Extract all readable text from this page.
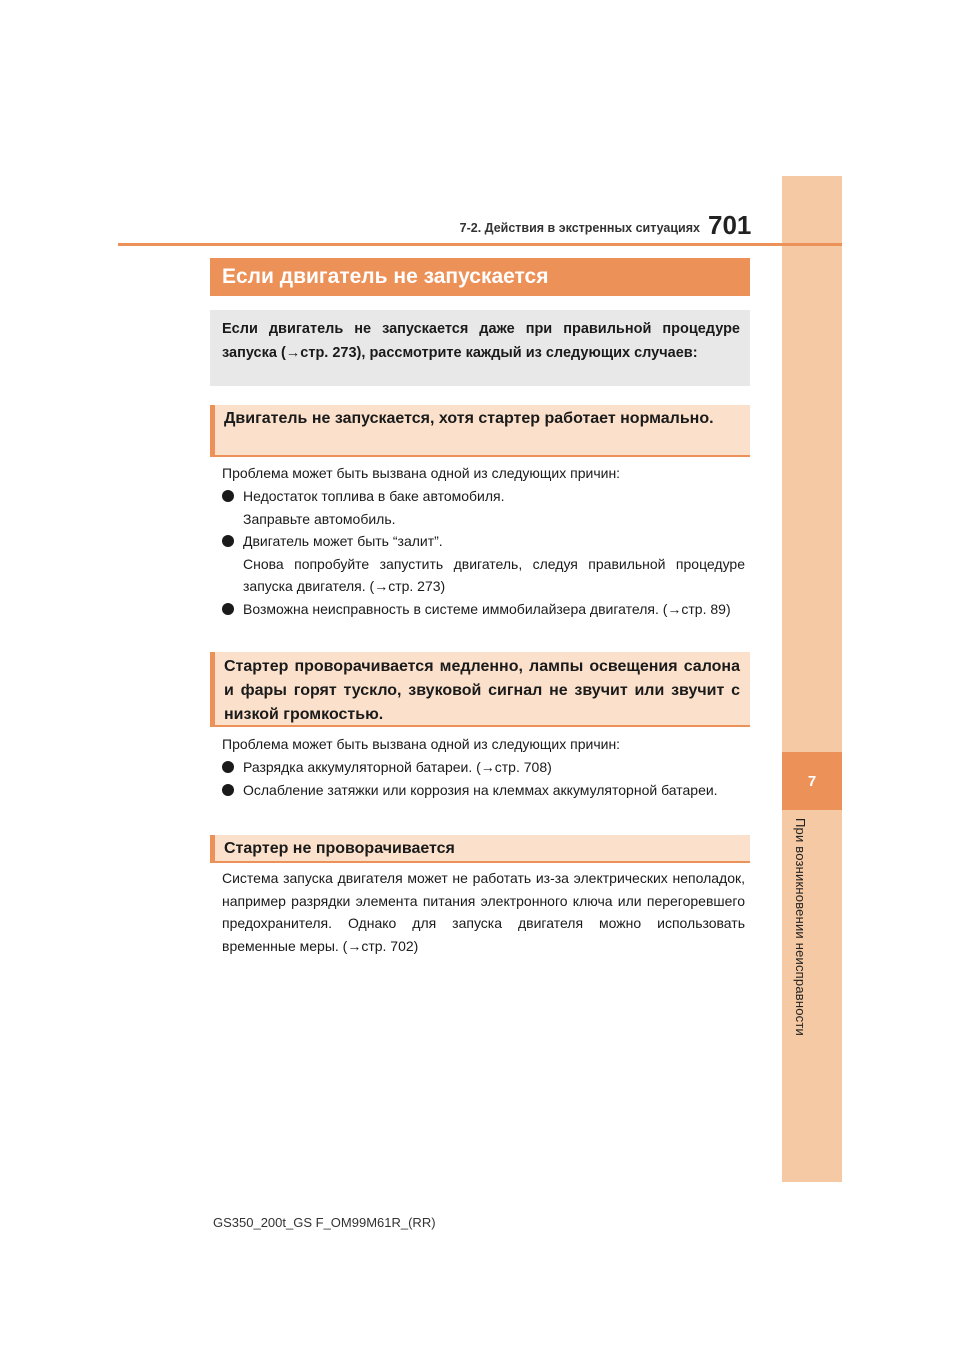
7
При возникновении неисправности
7-2. Действия в экстренных ситуациях 701
Если двигатель не запускается
Если двигатель не запускается даже при правильной процедуре запуска (→стр. 273), рассмотрите каждый из следующих случаев:
Двигатель не запускается, хотя стартер работает нормально.
Проблема может быть вызвана одной из следующих причин:
Недостаток топлива в баке автомобиля.
Заправьте автомобиль.
Двигатель может быть “залит”.
Снова попробуйте запустить двигатель, следуя правильной процедуре запуска двигателя. (→стр. 273)
Возможна неисправность в системе иммобилайзера двигателя. (→стр. 89)
Стартер проворачивается медленно, лампы освещения салона и фары горят тускло, звуковой сигнал не звучит или звучит с низкой громкостью.
Проблема может быть вызвана одной из следующих причин:
Разрядка аккумуляторной батареи. (→стр. 708)
Ослабление затяжки или коррозия на клеммах аккумуляторной батареи.
Стартер не проворачивается
Система запуска двигателя может не работать из-за электрических неполадок, например разрядки элемента питания электронного ключа или перегоревшего предохранителя. Однако для запуска двигателя можно использовать временные меры. (→стр. 702)
GS350_200t_GS F_OM99M61R_(RR)
